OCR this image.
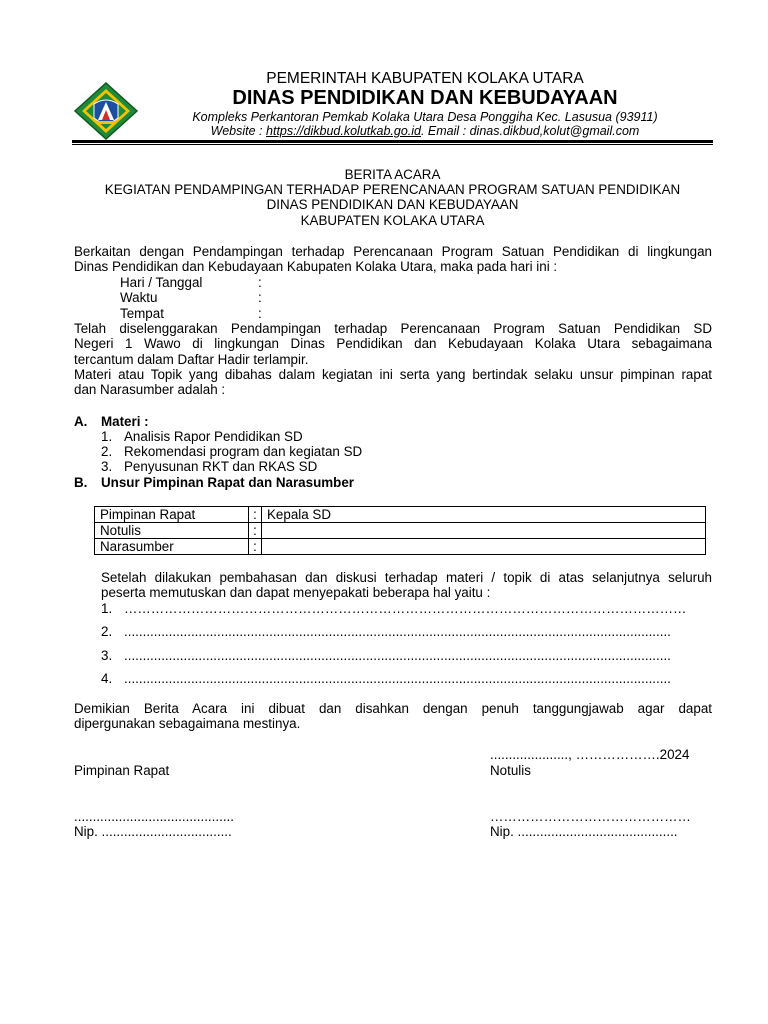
PEMERINTAH KABUPATEN KOLAKA UTARA
DINAS PENDIDIKAN DAN KEBUDAYAAN
Kompleks Perkantoran Pemkab Kolaka Utara Desa Ponggiha Kec. Lasusua (93911)
Website : https://dikbud.kolutkab.go.id. Email : dinas.dikbud,kolut@gmail.com
BERITA ACARA
KEGIATAN PENDAMPINGAN TERHADAP PERENCANAAN PROGRAM SATUAN PENDIDIKAN
DINAS PENDIDIKAN DAN KEBUDAYAAN
KABUPATEN KOLAKA UTARA
Berkaitan dengan Pendampingan terhadap Perencanaan Program Satuan Pendidikan di lingkungan
Dinas Pendidikan dan Kebudayaan Kabupaten Kolaka Utara, maka pada hari ini :
Hari / Tanggal	:
Waktu	:
Tempat	:
Telah diselenggarakan Pendampingan terhadap Perencanaan Program Satuan Pendidikan SD
Negeri 1 Wawo di lingkungan Dinas Pendidikan dan Kebudayaan Kolaka Utara sebagaimana
tercantum dalam Daftar Hadir terlampir.
Materi atau Topik yang dibahas dalam kegiatan ini serta yang bertindak selaku unsur pimpinan rapat
dan Narasumber adalah :
A. Materi :
1. Analisis Rapor Pendidikan SD
2. Rekomendasi program dan kegiatan SD
3. Penyusunan RKT dan RKAS SD
B. Unsur Pimpinan Rapat dan Narasumber
Pimpinan Rapat	:	Kepala SD
Notulis	:	
Narasumber	:	
Setelah dilakukan pembahasan dan diskusi terhadap materi / topik di atas selanjutnya seluruh
peserta memutuskan dan dapat menyepakati beberapa hal yaitu :
1. ………………………………………………………………………………………………………………
2. ...................................................................................................................................................
3. ...................................................................................................................................................
4. ...................................................................................................................................................
Demikian Berita Acara ini dibuat dan disahkan dengan penuh tanggungjawab agar dapat
dipergunakan sebagaimana mestinya.
....................., ……………….2024
Pimpinan Rapat	Notulis
...........................................	………………………………………
Nip. ...................................	Nip. ...........................................
